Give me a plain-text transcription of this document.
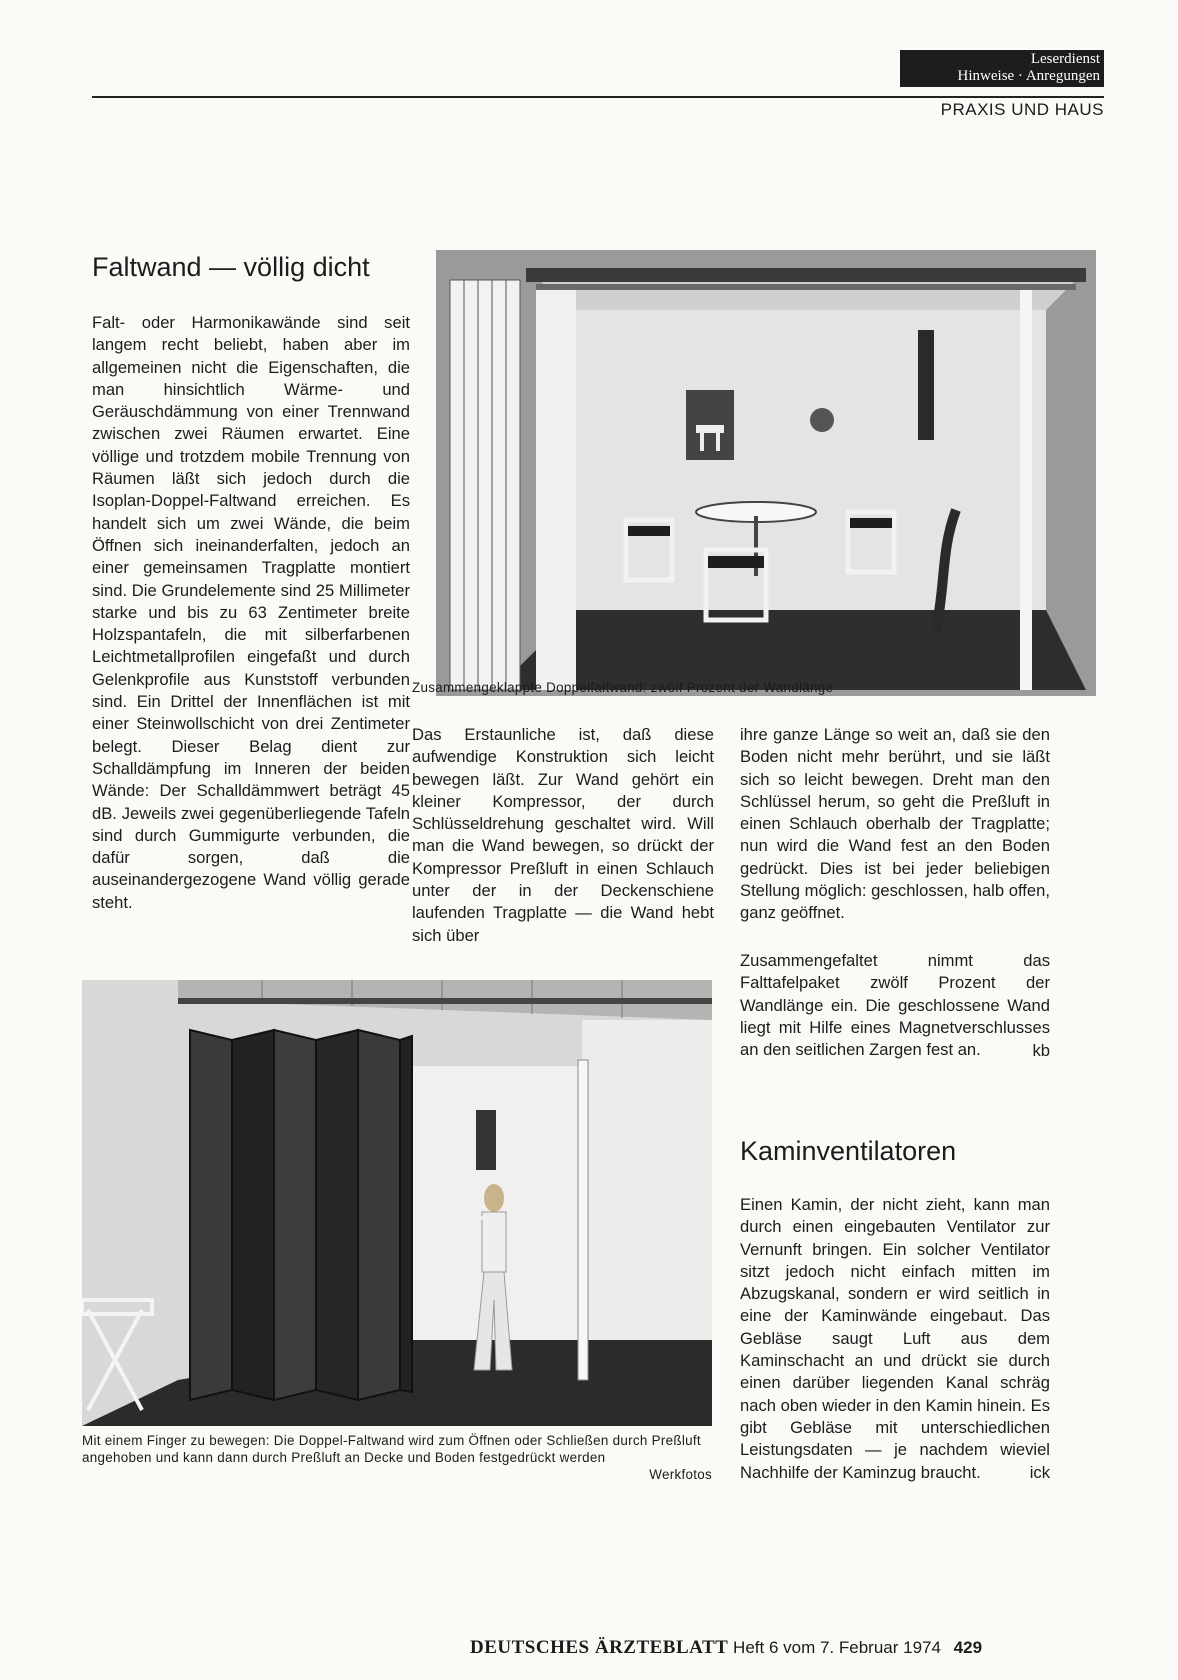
Leserdienst
Hinweise · Anregungen
PRAXIS UND HAUS
Faltwand — völlig dicht

Falt- oder Harmonikawände sind seit langem recht beliebt, haben aber im allgemeinen nicht die Eigenschaften, die man hinsichtlich Wärme- und Geräuschdämmung von einer Trennwand zwischen zwei Räumen erwartet. Eine völlige und trotzdem mobile Trennung von Räumen läßt sich jedoch durch die Isoplan-Doppel-Faltwand erreichen. Es handelt sich um zwei Wände, die beim Öffnen sich ineinanderfalten, jedoch an einer gemeinsamen Tragplatte montiert sind. Die Grundelemente sind 25 Millimeter starke und bis zu 63 Zentimeter breite Holzspantafeln, die mit silberfarbenen Leichtmetallprofilen eingefaßt und durch Gelenkprofile aus Kunststoff verbunden sind. Ein Drittel der Innenflächen ist mit einer Steinwollschicht von drei Zentimeter belegt. Dieser Belag dient zur Schalldämpfung im Inneren der beiden Wände: Der Schalldämmwert beträgt 45 dB. Jeweils zwei gegenüberliegende Tafeln sind durch Gummigurte verbunden, die dafür sorgen, daß die auseinandergezogene Wand völlig gerade steht.

Zusammengeklappte Doppelfaltwand: zwölf Prozent der Wandlänge

Das Erstaunliche ist, daß diese aufwendige Konstruktion sich leicht bewegen läßt. Zur Wand gehört ein kleiner Kompressor, der durch Schlüsseldrehung geschaltet wird. Will man die Wand bewegen, so drückt der Kompressor Preßluft in einen Schlauch unter der in der Deckenschiene laufenden Tragplatte — die Wand hebt sich über

ihre ganze Länge so weit an, daß sie den Boden nicht mehr berührt, und sie läßt sich so leicht bewegen. Dreht man den Schlüssel herum, so geht die Preßluft in einen Schlauch oberhalb der Tragplatte; nun wird die Wand fest an den Boden gedrückt. Dies ist bei jeder beliebigen Stellung möglich: geschlossen, halb offen, ganz geöffnet.

Zusammengefaltet nimmt das Falttafelpaket zwölf Prozent der Wandlänge ein. Die geschlossene Wand liegt mit Hilfe eines Magnetverschlusses an den seitlichen Zargen fest an.	kb
Mit einem Finger zu bewegen: Die Doppel-Faltwand wird zum Öffnen oder Schließen durch Preßluft angehoben und kann dann durch Preßluft an Decke und Boden festgedrückt werden
Werkfotos
Kaminventilatoren

Einen Kamin, der nicht zieht, kann man durch einen eingebauten Ventilator zur Vernunft bringen. Ein solcher Ventilator sitzt jedoch nicht einfach mitten im Abzugskanal, sondern er wird seitlich in eine der Kaminwände eingebaut. Das Gebläse saugt Luft aus dem Kaminschacht an und drückt sie durch einen darüber liegenden Kanal schräg nach oben wieder in den Kamin hinein. Es gibt Gebläse mit unterschiedlichen Leistungsdaten — je nachdem wieviel Nachhilfe der Kaminzug braucht.	ick
DEUTSCHES ÄRZTEBLATT Heft 6 vom 7. Februar 1974 429
